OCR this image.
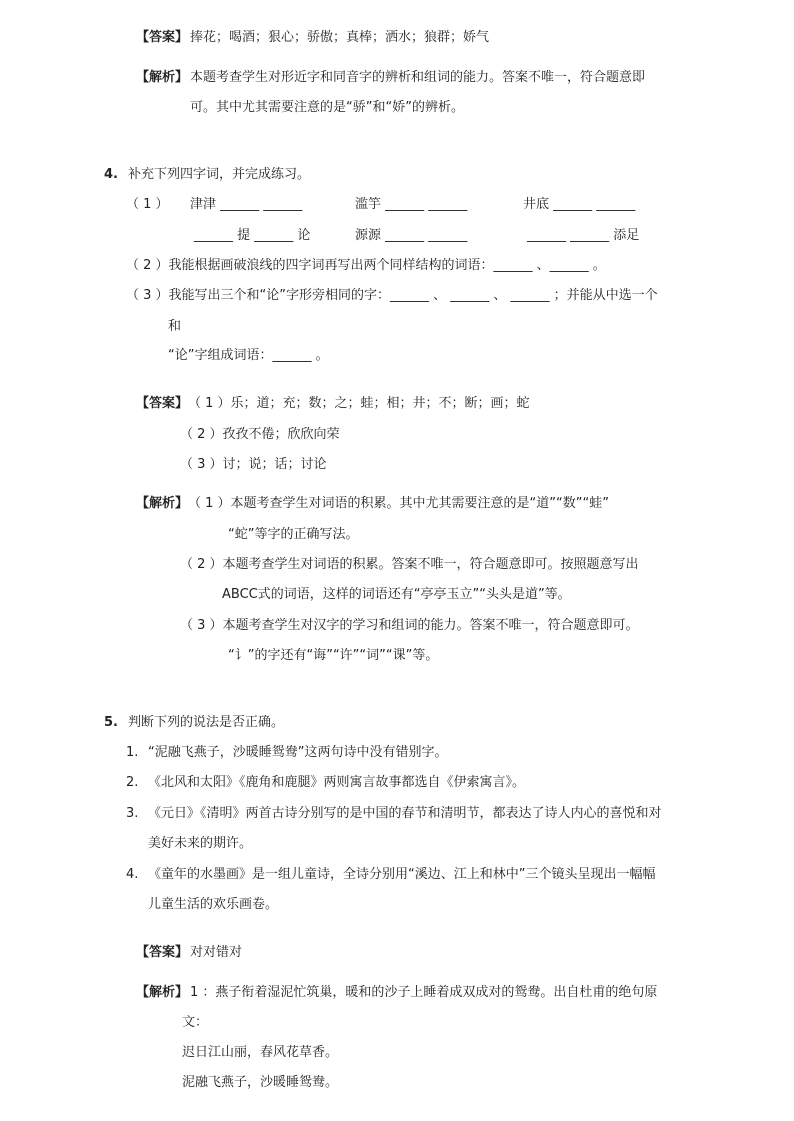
【答案】 捧花；喝酒；狠心；骄傲；真棒；洒水；狼群；娇气
【解析】 本题考查学生对形近字和同音字的辨析和组词的能力。答案不唯一，符合题意即
可。其中尤其需要注意的是“骄”和“娇”的辨析。
4. 补充下列四字词，并完成练习。
（ 1 ） 津津 ______ ______	滥竽 ______ ______	井底 ______ ______
______ 提 ______ 论	源源 ______ ______	______ ______ 添足
（ 2 ）我能根据画破浪线的四字词再写出两个同样结构的词语：______ 、______ 。
（ 3 ）我能写出三个和“论”字形旁相同的字：______ 、 ______ 、 ______ ；并能从中选一个
和
“论”字组成词语：______ 。
【答案】 （ 1 ）乐；道；充；数；之；蛙；相；井；不；断；画；蛇
（ 2 ）孜孜不倦；欣欣向荣
（ 3 ）讨；说；话；讨论
【解析】 （ 1 ）本题考查学生对词语的积累。其中尤其需要注意的是“道”“数”“蛙”
“蛇”等字的正确写法。
（ 2 ）本题考查学生对词语的积累。答案不唯一，符合题意即可。按照题意写出
ABCC式的词语，这样的词语还有“亭亭玉立”“头头是道”等。
（ 3 ）本题考查学生对汉字的学习和组词的能力。答案不唯一，符合题意即可。
“讠”的字还有“诲”“许”“词”“课”等。
5. 判断下列的说法是否正确。
1. “泥融飞燕子，沙暖睡鸳鸯”这两句诗中没有错别字。
2. 《北风和太阳》《鹿角和鹿腿》两则寓言故事都选自《伊索寓言》。
3. 《元日》《清明》两首古诗分别写的是中国的春节和清明节，都表达了诗人内心的喜悦和对
美好未来的期许。
4. 《童年的水墨画》是一组儿童诗，全诗分别用“溪边、江上和林中”三个镜头呈现出一幅幅
儿童生活的欢乐画卷。
【答案】 对对错对
【解析】 1 ：燕子衔着湿泥忙筑巢，暖和的沙子上睡着成双成对的鸳鸯。出自杜甫的绝句原
文：
迟日江山丽，春风花草香。
泥融飞燕子，沙暖睡鸳鸯。
